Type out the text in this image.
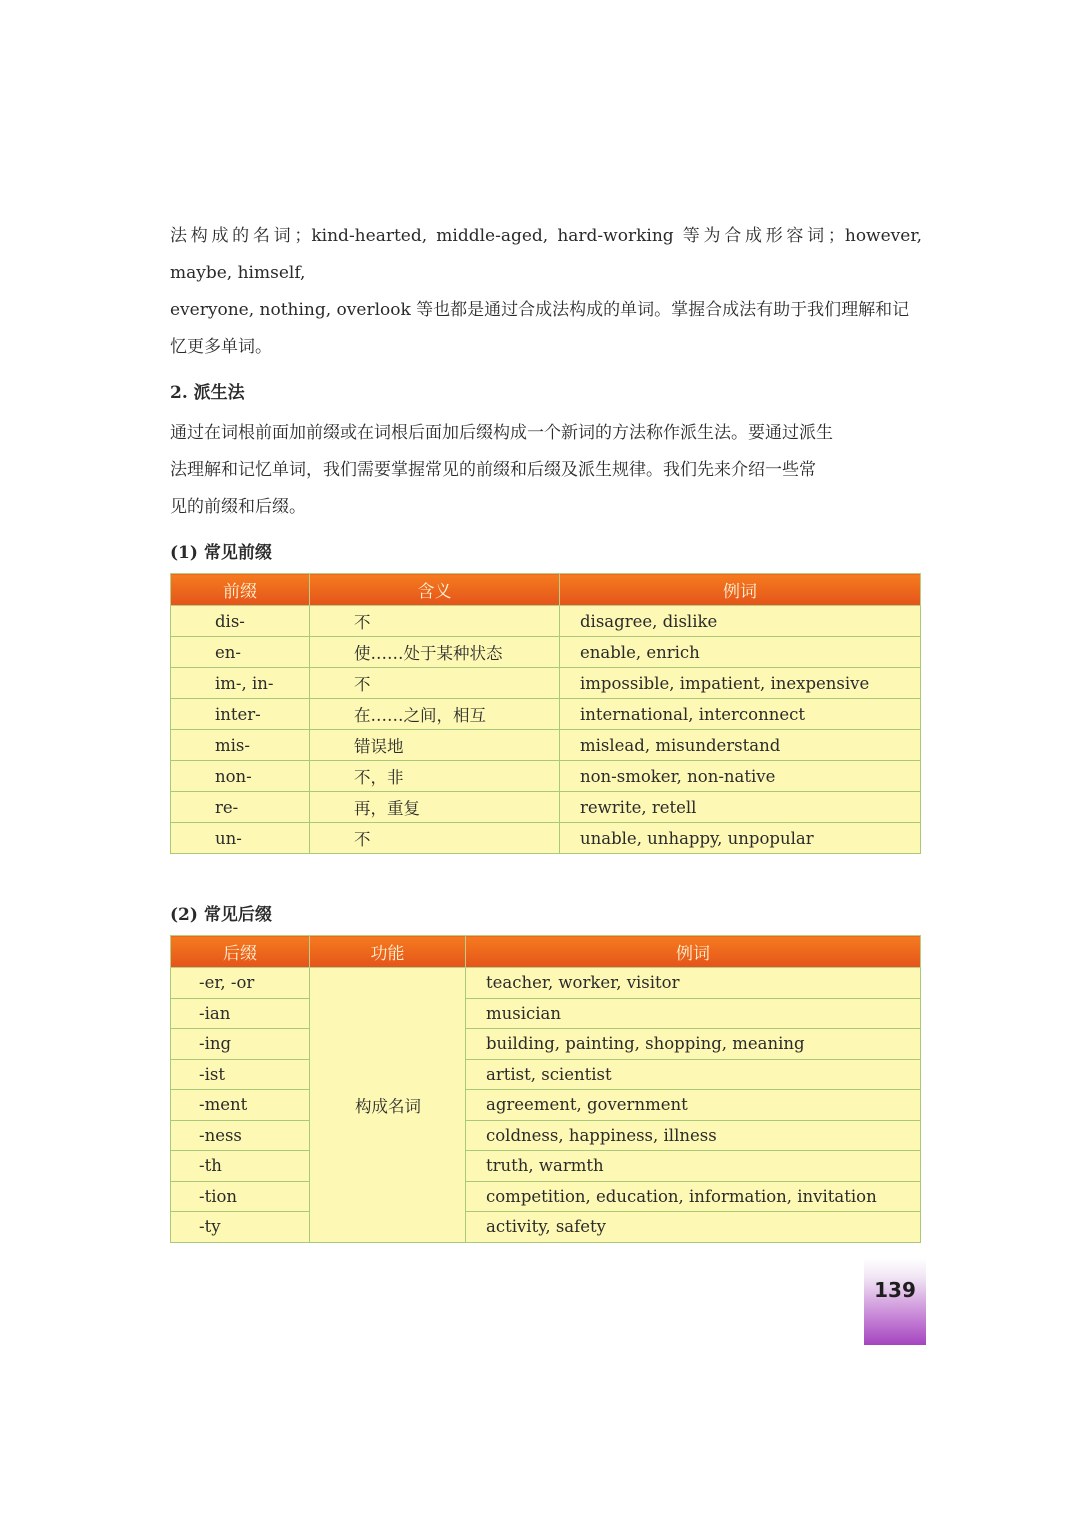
法构成的名词；kind-hearted, middle-aged, hard-working 等为合成形容词；however, maybe, himself,
everyone, nothing, overlook 等也都是通过合成法构成的单词。掌握合成法有助于我们理解和记
忆更多单词。

2. 派生法

通过在词根前面加前缀或在词根后面加后缀构成一个新词的方法称作派生法。要通过派生
法理解和记忆单词，我们需要掌握常见的前缀和后缀及派生规律。我们先来介绍一些常
见的前缀和后缀。

(1) 常见前缀
前缀	含义	例词
dis-	不	disagree, dislike
en-	使……处于某种状态	enable, enrich
im-, in-	不	impossible, impatient, inexpensive
inter-	在……之间，相互	international, interconnect
mis-	错误地	mislead, misunderstand
non-	不，非	non-smoker, non-native
re-	再，重复	rewrite, retell
un-	不	unable, unhappy, unpopular
(2) 常见后缀
后缀	功能	例词
-er, -or	构成名词	teacher, worker, visitor
-ian		musician
-ing		building, painting, shopping, meaning
-ist		artist, scientist
-ment		agreement, government
-ness		coldness, happiness, illness
-th		truth, warmth
-tion		competition, education, information, invitation
-ty		activity, safety
139
